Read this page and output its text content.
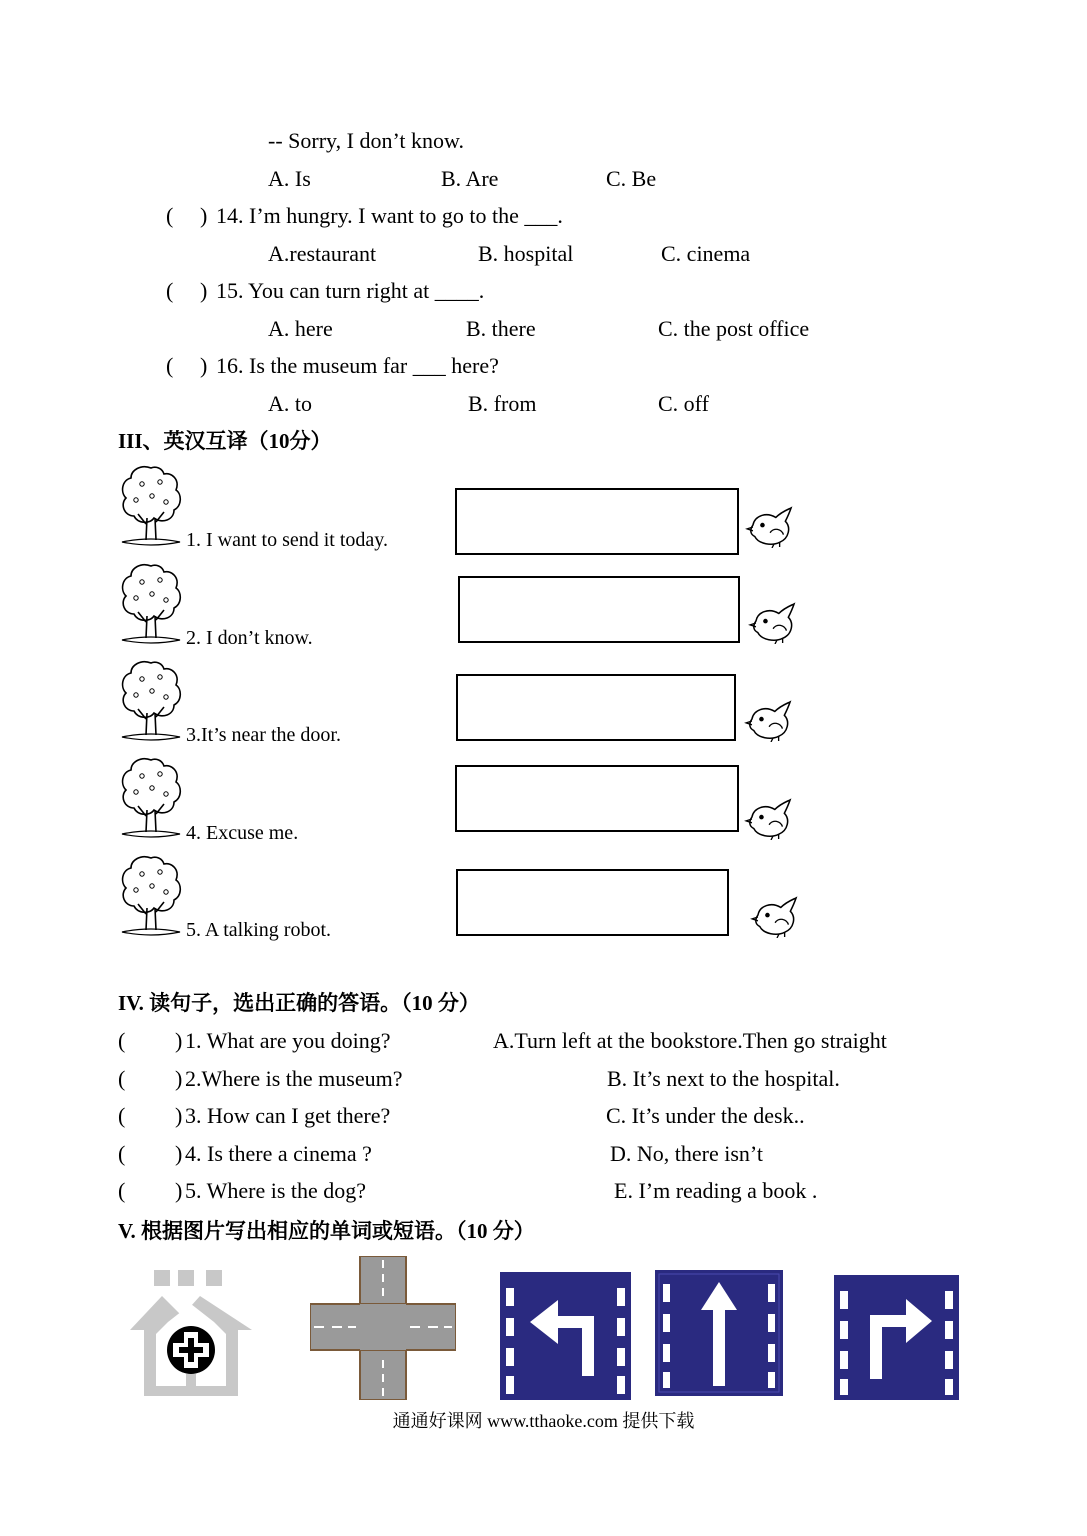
-- Sorry, I don’t know.
A. Is	B. Are	C. Be
( ) 14. I’m hungry. I want to go to the ___.
A.restaurant	B. hospital	C. cinema
( ) 15. You can turn right at ____.
A. here	B. there	C. the post office
( ) 16. Is the museum far ___ here?
A. to	B. from	C. off
III、英汉互译（10分）
1. I want to send it today.
2. I don’t know.
3.It’s near the door.
4. Excuse me.
5. A talking robot.
IV. 读句子，选出正确的答语。（10 分）
( ) 1. What are you doing?	A.Turn left at the bookstore.Then go straight
( ) 2.Where is the museum?	B. It’s next to the hospital.
( ) 3. How can I get there?	C. It’s under the desk..
( ) 4. Is there a cinema ?	D. No, there isn’t
( ) 5. Where is the dog?	E. I’m reading a book .
V. 根据图片写出相应的单词或短语。（10 分）
通通好课网 www.tthaoke.com 提供下载
